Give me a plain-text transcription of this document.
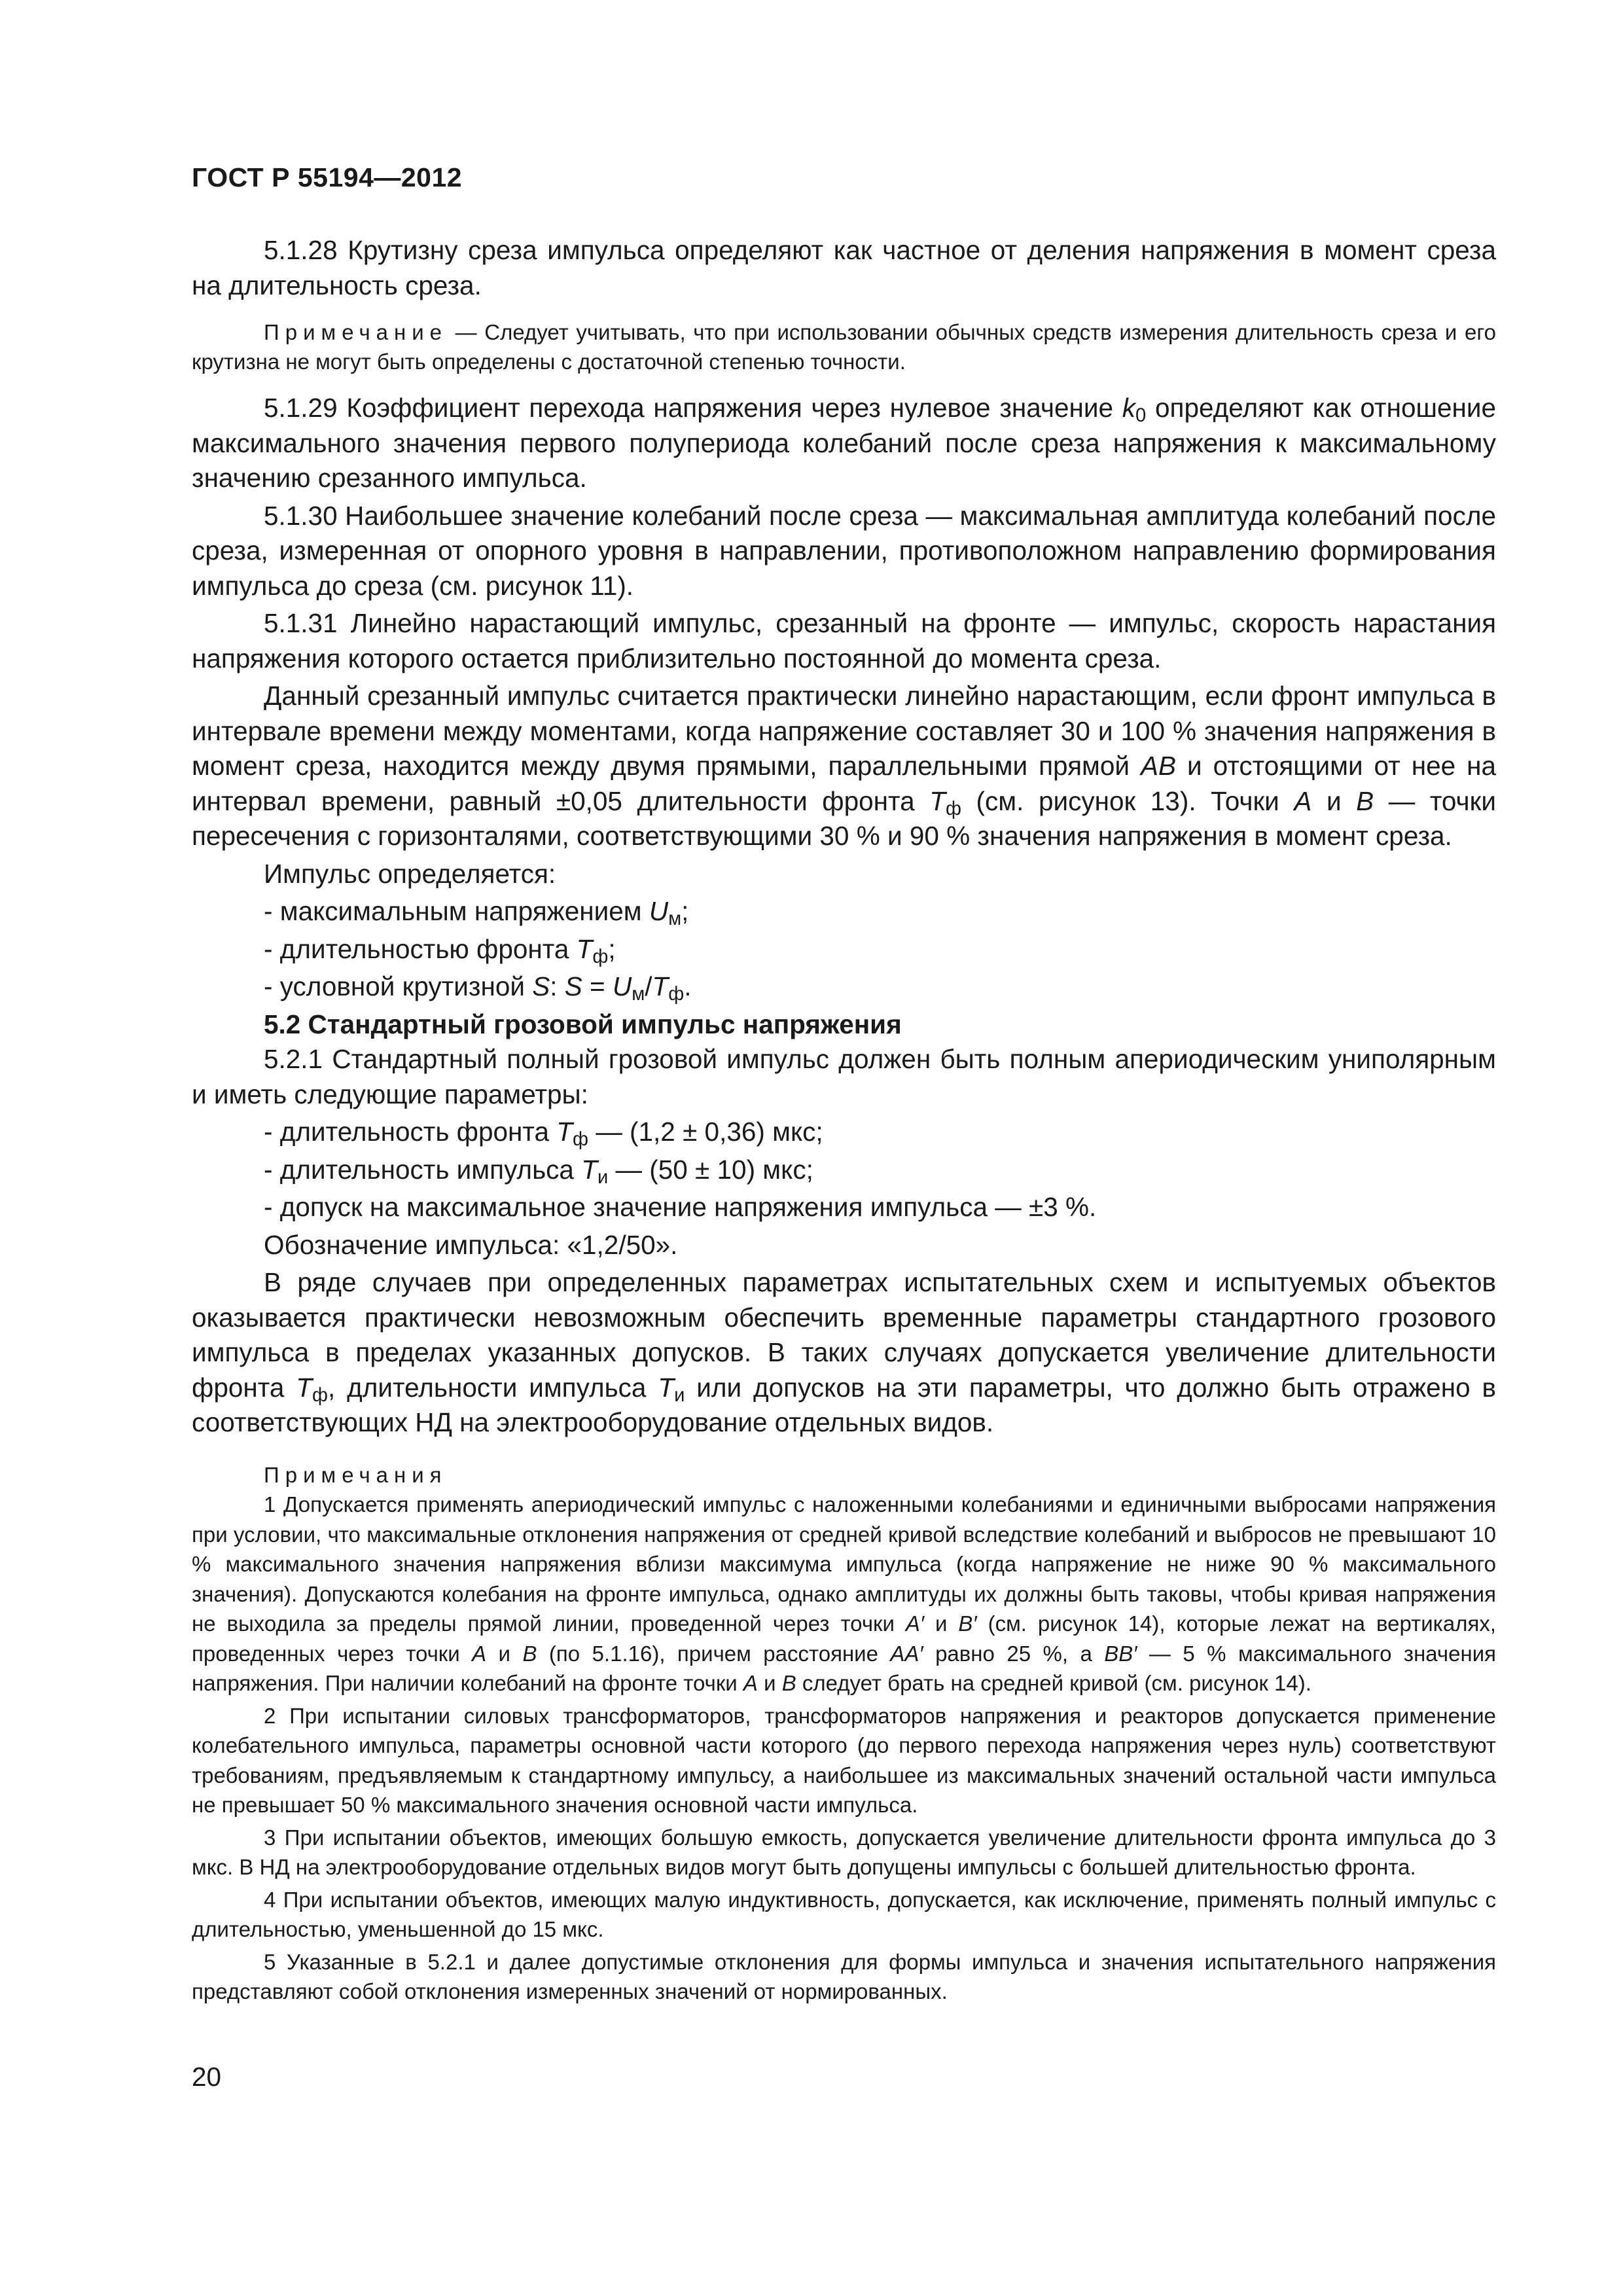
ГОСТ Р 55194—2012

5.1.28 Крутизну среза импульса определяют как частное от деления напряжения в момент среза на длительность среза.

Примечание — Следует учитывать, что при использовании обычных средств измерения длительность среза и его крутизна не могут быть определены с достаточной степенью точности.

5.1.29 Коэффициент перехода напряжения через нулевое значение $k_0$ определяют как отношение максимального значения первого полупериода колебаний после среза напряжения к максимальному значению срезанного импульса.

5.1.30 Наибольшее значение колебаний после среза — максимальная амплитуда колебаний после среза, измеренная от опорного уровня в направлении, противоположном направлению формирования импульса до среза (см. рисунок 11).

5.1.31 Линейно нарастающий импульс, срезанный на фронте — импульс, скорость нарастания напряжения которого остается приблизительно постоянной до момента среза.

Данный срезанный импульс считается практически линейно нарастающим, если фронт импульса в интервале времени между моментами, когда напряжение составляет 30 и 100 % значения напряжения в момент среза, находится между двумя прямыми, параллельными прямой AB и отстоящими от нее на интервал времени, равный ±0,05 длительности фронта $T_ф$ (см. рисунок 13). Точки A и B — точки пересечения с горизонталями, соответствующими 30 % и 90 % значения напряжения в момент среза.

Импульс определяется:

- максимальным напряжением $U_м$;

- длительностью фронта $T_ф$;

- условной крутизной S: $S = U_м/T_ф$.

5.2 Стандартный грозовой импульс напряжения

5.2.1 Стандартный полный грозовой импульс должен быть полным апериодическим униполярным и иметь следующие параметры:

- длительность фронта $T_ф$ — (1,2 ± 0,36) мкс;

- длительность импульса $T_и$ — (50 ± 10) мкс;

- допуск на максимальное значение напряжения импульса — ±3 %.

Обозначение импульса: «1,2/50».

В ряде случаев при определенных параметрах испытательных схем и испытуемых объектов оказывается практически невозможным обеспечить временные параметры стандартного грозового импульса в пределах указанных допусков. В таких случаях допускается увеличение длительности фронта $T_ф$, длительности импульса $T_и$ или допусков на эти параметры, что должно быть отражено в соответствующих НД на электрооборудование отдельных видов.

Примечания

1 Допускается применять апериодический импульс с наложенными колебаниями и единичными выбросами напряжения при условии, что максимальные отклонения напряжения от средней кривой вследствие колебаний и выбросов не превышают 10 % максимального значения напряжения вблизи максимума импульса (когда напряжение не ниже 90 % максимального значения). Допускаются колебания на фронте импульса, однако амплитуды их должны быть таковы, чтобы кривая напряжения не выходила за пределы прямой линии, проведенной через точки A′ и B′ (см. рисунок 14), которые лежат на вертикалях, проведенных через точки A и B (по 5.1.16), причем расстояние AA′ равно 25 %, а BB′ — 5 % максимального значения напряжения. При наличии колебаний на фронте точки A и B следует брать на средней кривой (см. рисунок 14).

2 При испытании силовых трансформаторов, трансформаторов напряжения и реакторов допускается применение колебательного импульса, параметры основной части которого (до первого перехода напряжения через нуль) соответствуют требованиям, предъявляемым к стандартному импульсу, а наибольшее из максимальных значений остальной части импульса не превышает 50 % максимального значения основной части импульса.

3 При испытании объектов, имеющих большую емкость, допускается увеличение длительности фронта импульса до 3 мкс. В НД на электрооборудование отдельных видов могут быть допущены импульсы с большей длительностью фронта.

4 При испытании объектов, имеющих малую индуктивность, допускается, как исключение, применять полный импульс с длительностью, уменьшенной до 15 мкс.

5 Указанные в 5.2.1 и далее допустимые отклонения для формы импульса и значения испытательного напряжения представляют собой отклонения измеренных значений от нормированных.

20
